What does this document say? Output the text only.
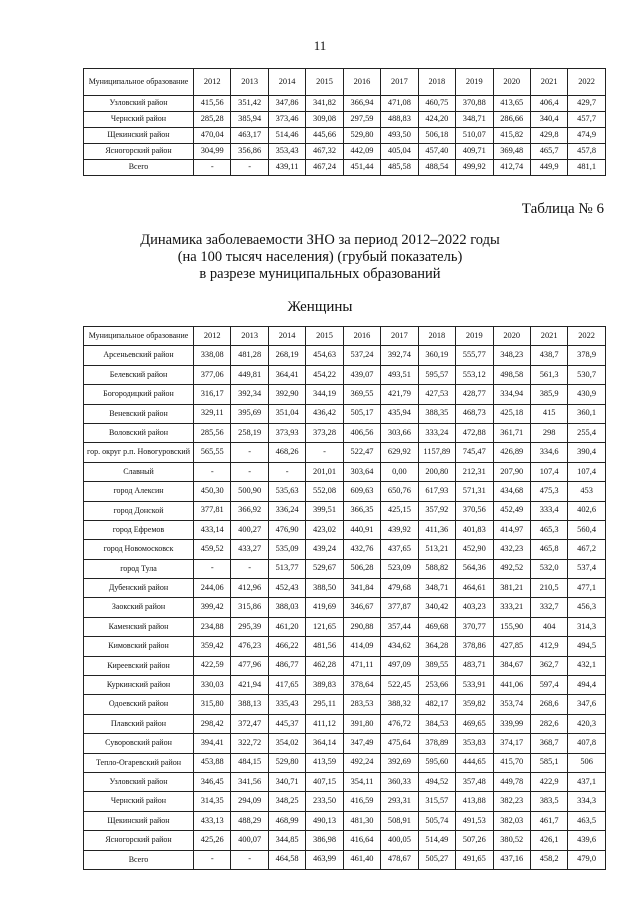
11
Муниципальное образование	2012	2013	2014	2015	2016	2017	2018	2019	2020	2021	2022
Узловский район	415,56	351,42	347,86	341,82	366,94	471,08	460,75	370,88	413,65	406,4	429,7
Чернский район	285,28	385,94	373,46	309,08	297,59	488,83	424,20	348,71	286,66	340,4	457,7
Щекинский район	470,04	463,17	514,46	445,66	529,80	493,50	506,18	510,07	415,82	429,8	474,9
Ясногорский район	304,99	356,86	353,43	467,32	442,09	405,04	457,40	409,71	369,48	465,7	457,8
Всего	-	-	439,11	467,24	451,44	485,58	488,54	499,92	412,74	449,9	481,1
Таблица № 6
Динамика заболеваемости ЗНО за период 2012–2022 годы
(на 100 тысяч населения) (грубый показатель)
в разрезе муниципальных образований
Женщины
Муниципальное образование	2012	2013	2014	2015	2016	2017	2018	2019	2020	2021	2022
Арсеньевский район	338,08	481,28	268,19	454,63	537,24	392,74	360,19	555,77	348,23	438,7	378,9
Белевский район	377,06	449,81	364,41	454,22	439,07	493,51	595,57	553,12	498,58	561,3	530,7
Богородицкий район	316,17	392,34	392,90	344,19	369,55	421,79	427,53	428,77	334,94	385,9	430,9
Веневский район	329,11	395,69	351,04	436,42	505,17	435,94	388,35	468,73	425,18	415	360,1
Воловский район	285,56	258,19	373,93	373,28	406,56	303,66	333,24	472,88	361,71	298	255,4
гор. округ р.п. Новогуровский	565,55	-	468,26	-	522,47	629,92	1157,89	745,47	426,89	334,6	390,4
Славный	-	-	-	201,01	303,64	0,00	200,80	212,31	207,90	107,4	107,4
город Алексин	450,30	500,90	535,63	552,08	609,63	650,76	617,93	571,31	434,68	475,3	453
город Донской	377,81	366,92	336,24	399,51	366,35	425,15	357,92	370,56	452,49	333,4	402,6
город Ефремов	433,14	400,27	476,90	423,02	440,91	439,92	411,36	401,83	414,97	465,3	560,4
город Новомосковск	459,52	433,27	535,09	439,24	432,76	437,65	513,21	452,90	432,23	465,8	467,2
город Тула	-	-	513,77	529,67	506,28	523,09	588,82	564,36	492,52	532,0	537,4
Дубенский район	244,06	412,96	452,43	388,50	341,84	479,68	348,71	464,61	381,21	210,5	477,1
Заокский район	399,42	315,86	388,03	419,69	346,67	377,87	340,42	403,23	333,21	332,7	456,3
Каменский район	234,88	295,39	461,20	121,65	290,88	357,44	469,68	370,77	155,90	404	314,3
Кимовский район	359,42	476,23	466,22	481,56	414,09	434,62	364,28	378,86	427,85	412,9	494,5
Киреевский район	422,59	477,96	486,77	462,28	471,11	497,09	389,55	483,71	384,67	362,7	432,1
Куркинский район	330,03	421,94	417,65	389,83	378,64	522,45	253,66	533,91	441,06	597,4	494,4
Одоевский район	315,80	388,13	335,43	295,11	283,53	388,32	482,17	359,82	353,74	268,6	347,6
Плавский район	298,42	372,47	445,37	411,12	391,80	476,72	384,53	469,65	339,99	282,6	420,3
Суворовский район	394,41	322,72	354,02	364,14	347,49	475,64	378,89	353,83	374,17	368,7	407,8
Тепло-Огаревский район	453,88	484,15	529,80	413,59	492,24	392,69	595,60	444,65	415,70	585,1	506
Узловский район	346,45	341,56	340,71	407,15	354,11	360,33	494,52	357,48	449,78	422,9	437,1
Чернский район	314,35	294,09	348,25	233,50	416,59	293,31	315,57	413,88	382,23	383,5	334,3
Щекинский район	433,13	488,29	468,99	490,13	481,30	508,91	505,74	491,53	382,03	461,7	463,5
Ясногорский район	425,26	400,07	344,85	386,98	416,64	400,05	514,49	507,26	380,52	426,1	439,6
Всего	-	-	464,58	463,99	461,40	478,67	505,27	491,65	437,16	458,2	479,0
